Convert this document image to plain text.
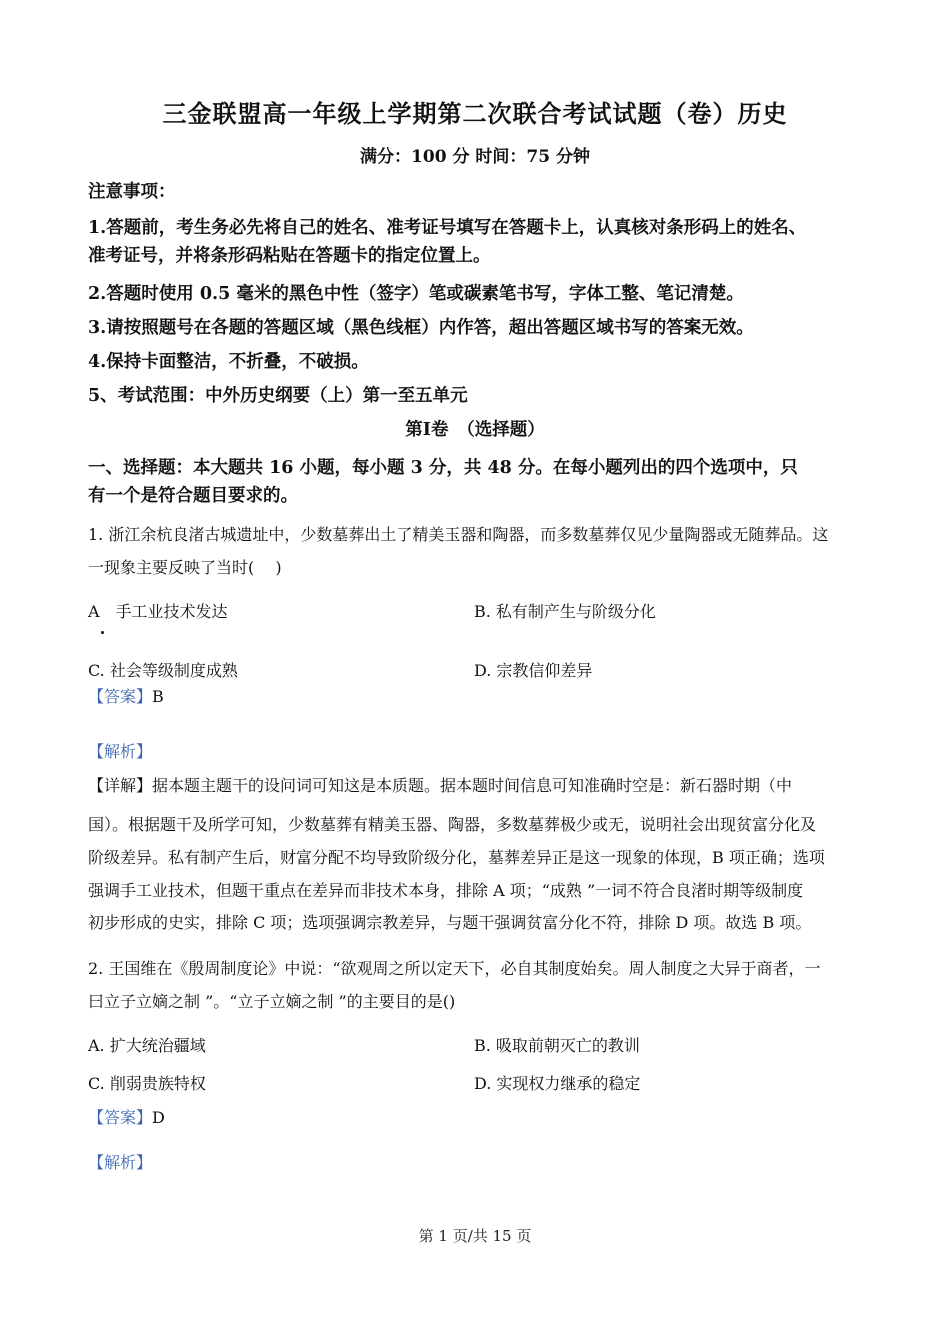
三金联盟高一年级上学期第二次联合考试试题（卷）历史
满分：100 分 时间：75 分钟
注意事项：
1.答题前，考生务必先将自己的姓名、准考证号填写在答题卡上，认真核对条形码上的姓名、
准考证号，并将条形码粘贴在答题卡的指定位置上。
2.答题时使用 0.5 毫米的黑色中性（签字）笔或碳素笔书写，字体工整、笔记清楚。
3.请按照题号在各题的答题区域（黑色线框）内作答，超出答题区域书写的答案无效。
4.保持卡面整洁，不折叠，不破损。
5、考试范围：中外历史纲要（上）第一至五单元
第Ⅰ卷　（选择题）
一、选择题：本大题共 16 小题，每小题 3 分，共 48 分。在每小题列出的四个选项中，只
有一个是符合题目要求的。
1. 浙江余杭良渚古城遗址中，少数墓葬出土了精美玉器和陶器，而多数墓葬仅见少量陶器或无随葬品。这
一现象主要反映了当时(　 )
A　手工业技术发达	B. 私有制产生与阶级分化
C. 社会等级制度成熟	D. 宗教信仰差异
【答案】B
【解析】
【详解】据本题主题干的设问词可知这是本质题。据本题时间信息可知准确时空是：新石器时期（中
国）。根据题干及所学可知，少数墓葬有精美玉器、陶器，多数墓葬极少或无，说明社会出现贫富分化及
阶级差异。私有制产生后，财富分配不均导致阶级分化，墓葬差异正是这一现象的体现，B 项正确；选项
强调手工业技术，但题干重点在差异而非技术本身，排除 A 项；“成熟 ”一词不符合良渚时期等级制度
初步形成的史实，排除 C 项；选项强调宗教差异，与题干强调贫富分化不符，排除 D 项。故选 B 项。
2. 王国维在《殷周制度论》中说：“欲观周之所以定天下，必自其制度始矣。周人制度之大异于商者，一
曰立子立嫡之制 ”。“立子立嫡之制 ”的主要目的是()
A. 扩大统治疆域	B. 吸取前朝灭亡的教训
C. 削弱贵族特权	D. 实现权力继承的稳定
【答案】D
【解析】
第 1 页/共 15 页
